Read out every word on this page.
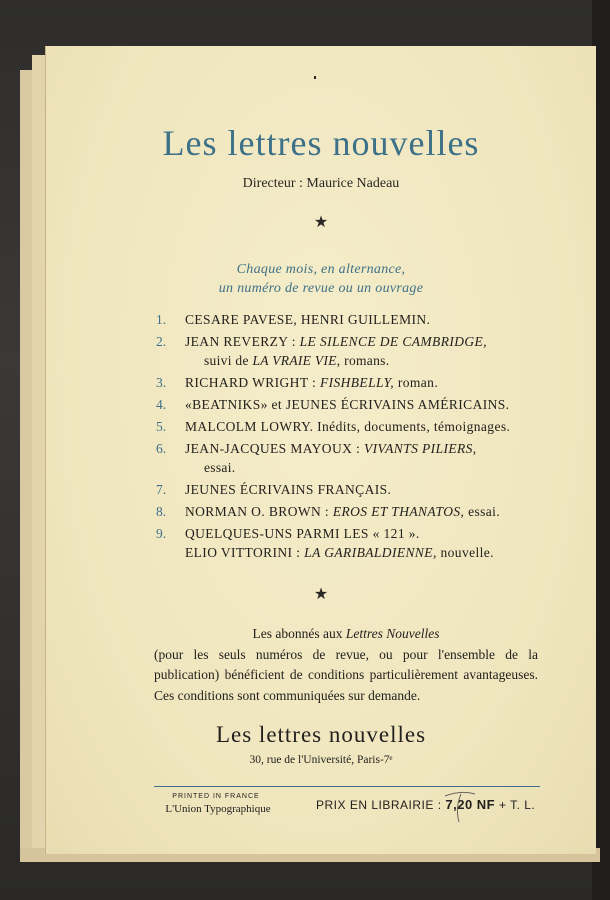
Les lettres nouvelles
Directeur : Maurice Nadeau
★
Chaque mois, en alternance,
un numéro de revue ou un ouvrage
1.	CESARE PAVESE, HENRI GUILLEMIN.
2.	JEAN REVERZY : LE SILENCE DE CAMBRIDGE,
suivi de LA VRAIE VIE, romans.
3.	RICHARD WRIGHT : FISHBELLY, roman.
4.	«BEATNIKS» et JEUNES ÉCRIVAINS AMÉRICAINS.
5.	MALCOLM LOWRY. Inédits, documents, témoignages.
6.	JEAN-JACQUES MAYOUX : VIVANTS PILIERS,
essai.
7.	JEUNES ÉCRIVAINS FRANÇAIS.
8.	NORMAN O. BROWN : EROS ET THANATOS, essai.
9.	QUELQUES-UNS PARMI LES « 121 ».
ELIO VITTORINI : LA GARIBALDIENNE, nouvelle.
★
Les abonnés aux Lettres Nouvelles
(pour les seuls numéros de revue, ou pour l'ensemble de la publication) bénéficient de conditions particulièrement avantageuses. Ces conditions sont communiquées sur demande.
Les lettres nouvelles
30, rue de l'Université, Paris-7ᵉ
PRINTED IN FRANCE
L'Union Typographique	PRIX EN LIBRAIRIE : 7,20 NF + T. L.
